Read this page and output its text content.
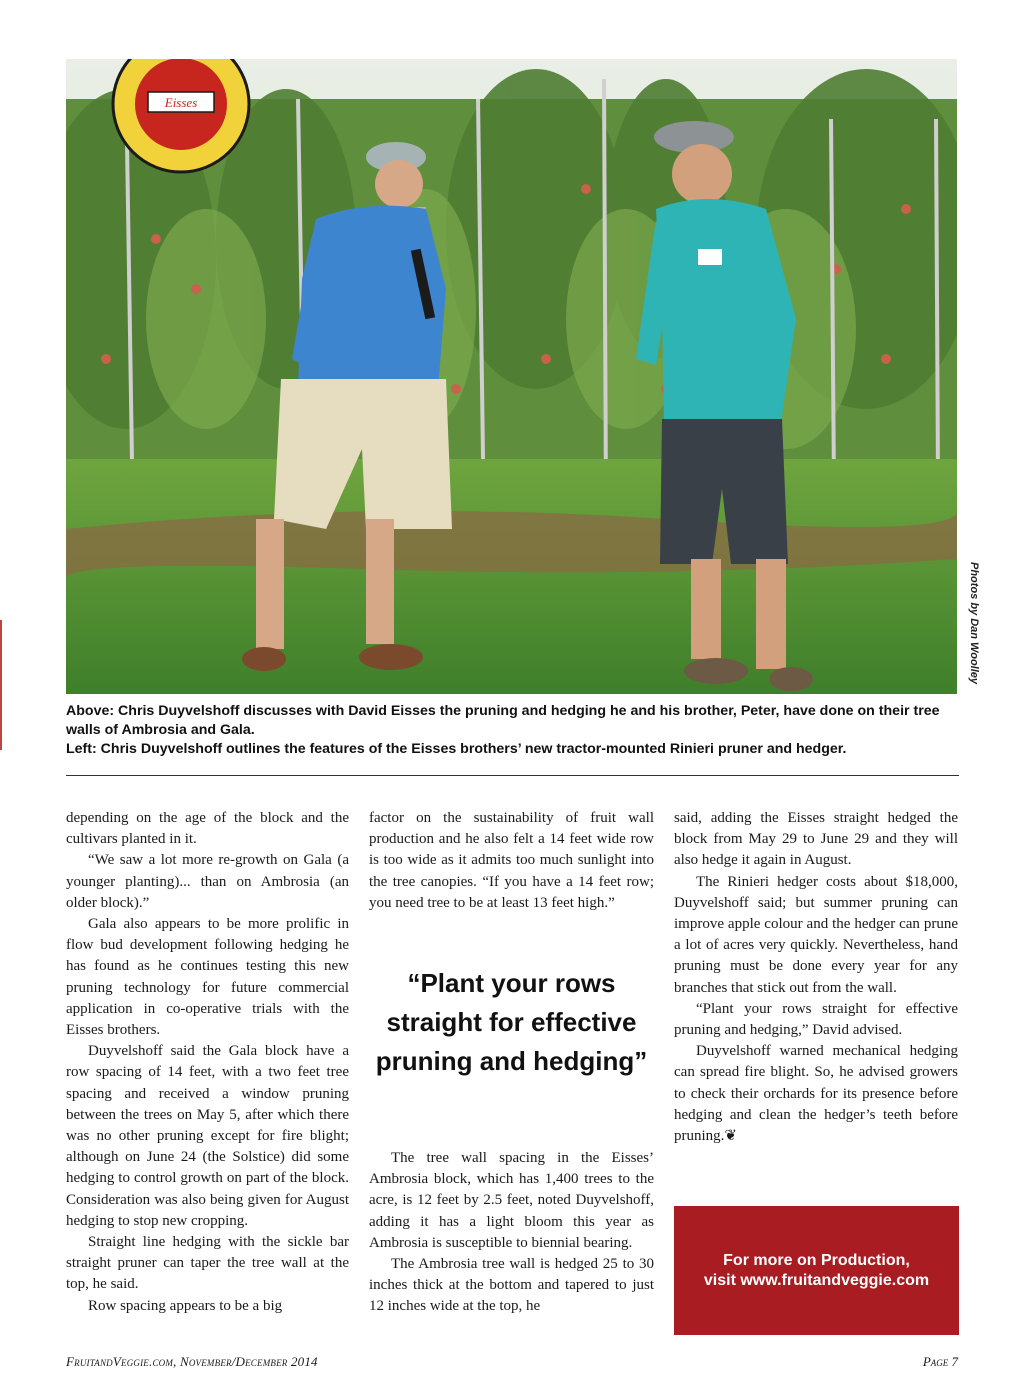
Eisses
Photos by Dan Woolley

Above: Chris Duyvelshoff discusses with David Eisses the pruning and hedging he and his brother, Peter, have done on their tree walls of Ambrosia and Gala.

Left: Chris Duyvelshoff outlines the features of the Eisses brothers’ new tractor-mounted Rinieri pruner and hedger.

depending on the age of the block and the cultivars planted in it.

“We saw a lot more re-growth on Gala (a younger planting)... than on Ambrosia (an older block).”

Gala also appears to be more prolific in flow bud development following hedging he has found as he continues testing this new pruning technology for future commercial application in co-operative trials with the Eisses brothers.

Duyvelshoff said the Gala block have a row spacing of 14 feet, with a two feet tree spacing and received a window pruning between the trees on May 5, after which there was no other pruning except for fire blight; although on June 24 (the Solstice) did some hedging to control growth on part of the block. Consideration was also being given for August hedging to stop new cropping.

Straight line hedging with the sickle bar straight pruner can taper the tree wall at the top, he said.

Row spacing appears to be a big

factor on the sustainability of fruit wall production and he also felt a 14 feet wide row is too wide as it admits too much sunlight into the tree canopies. “If you have a 14 feet row; you need tree to be at least 13 feet high.”

“Plant your rows straight for effective pruning and hedging”

The tree wall spacing in the Eisses’ Ambrosia block, which has 1,400 trees to the acre, is 12 feet by 2.5 feet, noted Duyvelshoff, adding it has a light bloom this year as Ambrosia is susceptible to biennial bearing.

The Ambrosia tree wall is hedged 25 to 30 inches thick at the bottom and tapered to just 12 inches wide at the top, he

said, adding the Eisses straight hedged the block from May 29 to June 29 and they will also hedge it again in August.

The Rinieri hedger costs about $18,000, Duyvelshoff said; but summer pruning can improve apple colour and the hedger can prune a lot of acres very quickly. Nevertheless, hand pruning must be done every year for any branches that stick out from the wall.

“Plant your rows straight for effective pruning and hedging,” David advised.

Duyvelshoff warned mechanical hedging can spread fire blight. So, he advised growers to check their orchards for its presence before hedging and clean the hedger’s teeth before pruning.❦

For more on Production,
visit www.fruitandveggie.com
FruitandVeggie.com, November/December 2014	Page 7
